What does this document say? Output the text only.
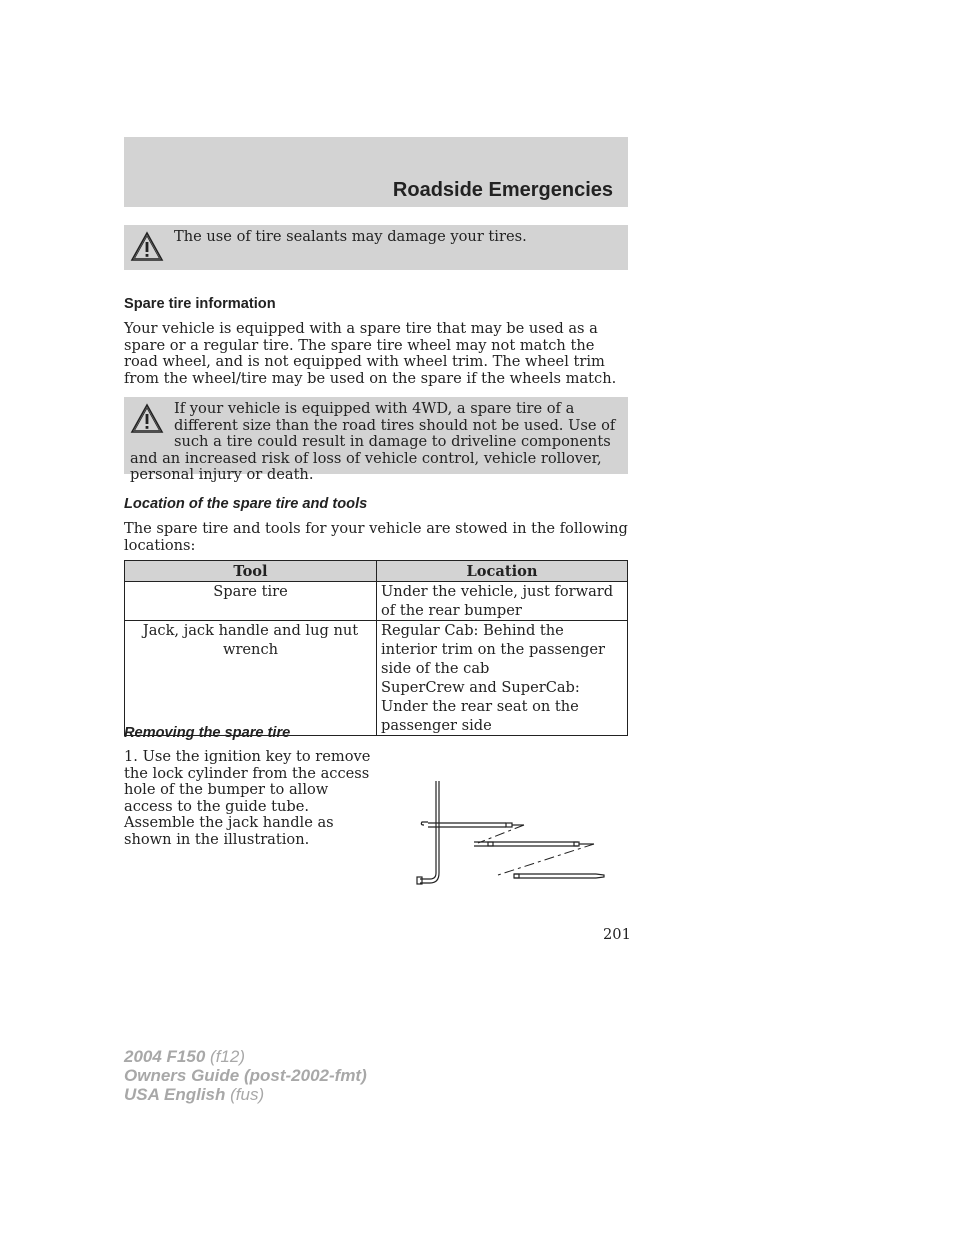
Roadside Emergencies
The use of tire sealants may damage your tires.
Spare tire information
Your vehicle is equipped with a spare tire that may be used as a spare or a regular tire. The spare tire wheel may not match the road wheel, and is not equipped with wheel trim. The wheel trim from the wheel/tire may be used on the spare if the wheels match.
If your vehicle is equipped with 4WD, a spare tire of a different size than the road tires should not be used. Use of such a tire could result in damage to driveline components and an increased risk of loss of vehicle control, vehicle rollover, personal injury or death.
Location of the spare tire and tools
The spare tire and tools for your vehicle are stowed in the following locations:
Tool	Location
Spare tire	Under the vehicle, just forward of the rear bumper

Jack, jack handle and lug nut wrench	Regular Cab: Behind the interior trim on the passenger side of the cab
SuperCrew and SuperCab: Under the rear seat on the passenger side
Removing the spare tire
1. Use the ignition key to remove the lock cylinder from the access hole of the bumper to allow access to the guide tube. Assemble the jack handle as shown in the illustration.
201
2004 F150 (f12)
Owners Guide (post-2002-fmt)
USA English (fus)
